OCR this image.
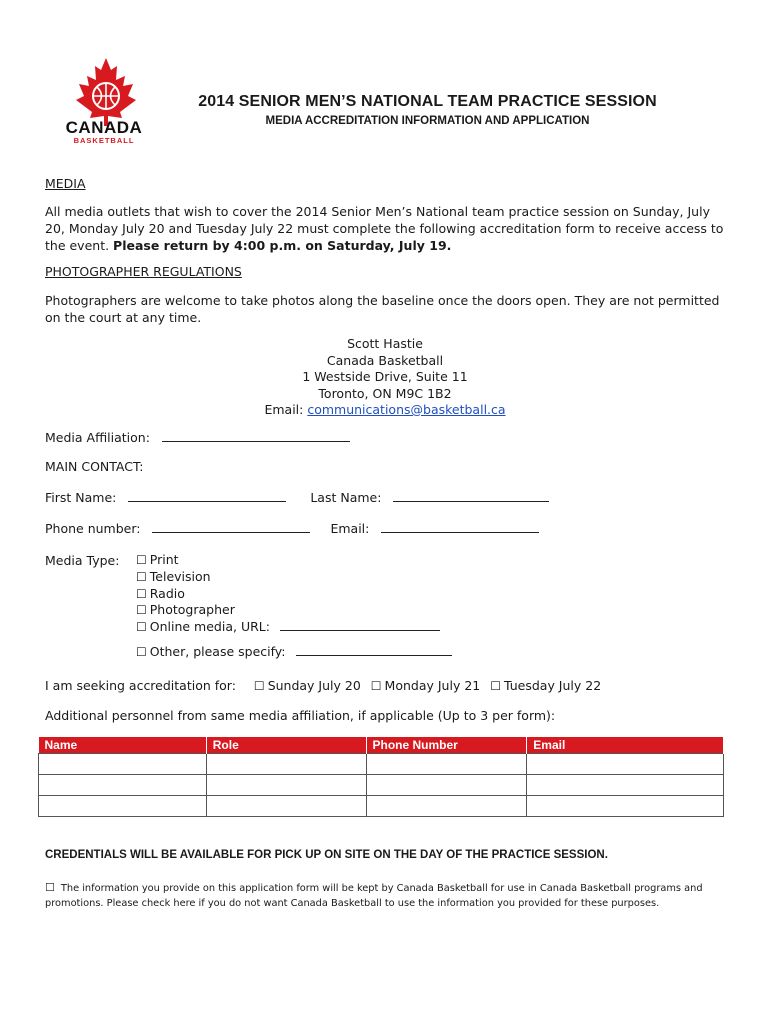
CANADA
BASKETBALL
2014 SENIOR MEN’S NATIONAL TEAM PRACTICE SESSION
MEDIA ACCREDITATION INFORMATION AND APPLICATION
MEDIA
All media outlets that wish to cover the 2014 Senior Men’s National team practice session on Sunday, July 20, Monday July 20 and Tuesday July 22 must complete the following accreditation form to receive access to the event. Please return by 4:00 p.m. on Saturday, July 19.
PHOTOGRAPHER REGULATIONS
Photographers are welcome to take photos along the baseline once the doors open. They are not permitted on the court at any time.
Scott Hastie
Canada Basketball
1 Westside Drive, Suite 11
Toronto, ON M9C 1B2
Email: communications@basketball.ca
Media Affiliation:
MAIN CONTACT:
First Name:	Last Name:
Phone number:	Email:
Media Type:	☐ Print
☐ Television
☐ Radio
☐ Photographer
☐ Online media, URL:
☐ Other, please specify:
I am seeking accreditation for: ☐ Sunday July 20 ☐ Monday July 21 ☐ Tuesday July 22
Additional personnel from same media affiliation, if applicable (Up to 3 per form):
Name	Role	Phone Number	Email

CREDENTIALS WILL BE AVAILABLE FOR PICK UP ON SITE ON THE DAY OF THE PRACTICE SESSION.
☐ The information you provide on this application form will be kept by Canada Basketball for use in Canada Basketball programs and promotions. Please check here if you do not want Canada Basketball to use the information you provided for these purposes.
